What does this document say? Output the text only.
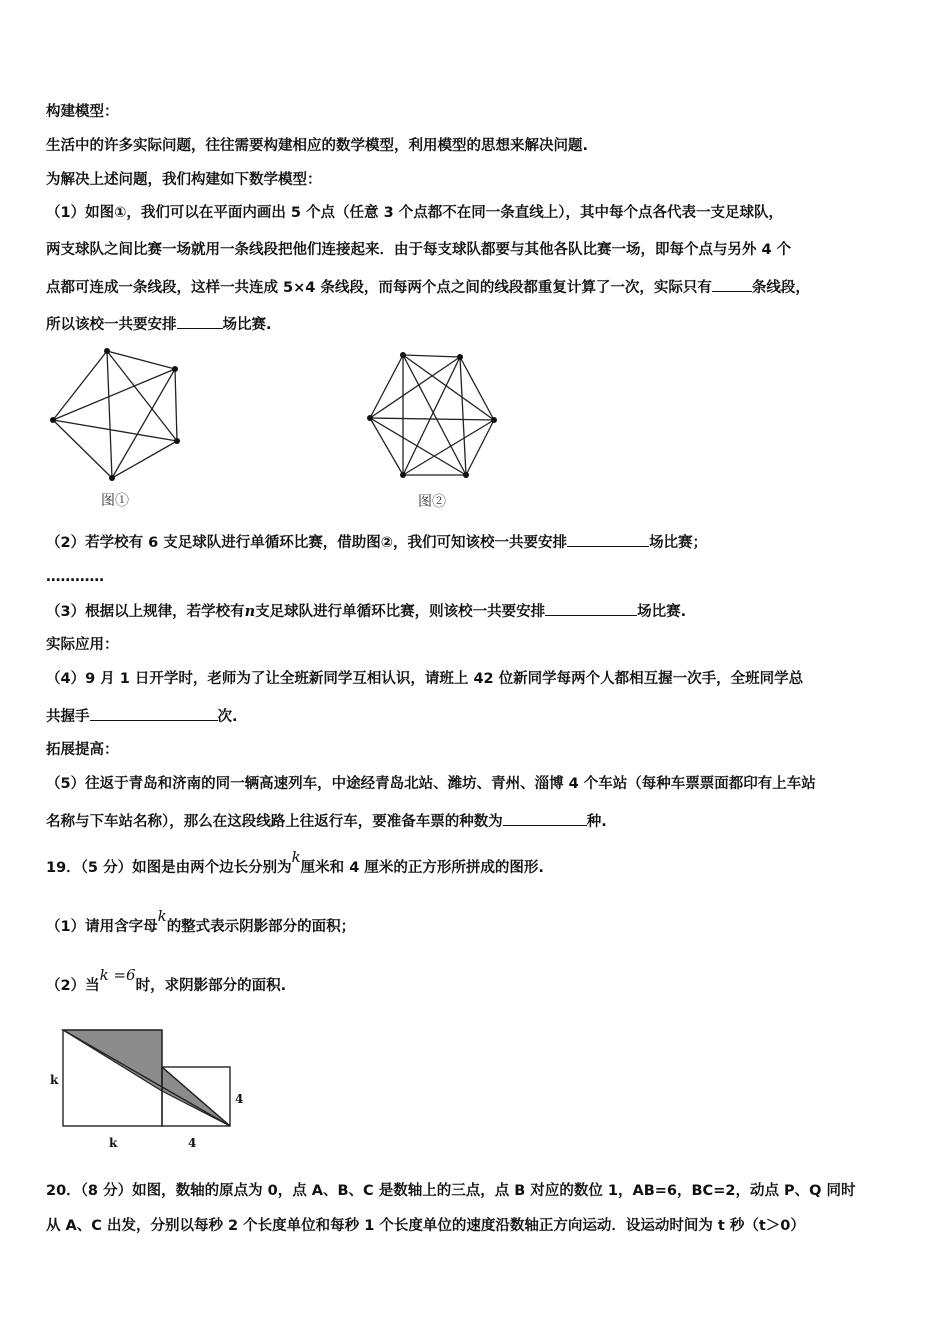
构建模型：
生活中的许多实际问题，往往需要构建相应的数学模型，利用模型的思想来解决问题.
为解决上述问题，我们构建如下数学模型：
（1）如图①，我们可以在平面内画出 5 个点（任意 3 个点都不在同一条直线上），其中每个点各代表一支足球队，
两支球队之间比赛一场就用一条线段把他们连接起来．由于每支球队都要与其他各队比赛一场，即每个点与另外 4 个
点都可连成一条线段，这样一共连成 5×4 条线段，而每两个点之间的线段都重复计算了一次，实际只有	条线段，
所以该校一共要安排	场比赛.
图①	图②
（2）若学校有 6 支足球队进行单循环比赛，借助图②，我们可知该校一共要安排	场比赛；
…………
（3）根据以上规律，若学校有n支足球队进行单循环比赛，则该校一共要安排	场比赛.
实际应用：
（4）9 月 1 日开学时，老师为了让全班新同学互相认识，请班上 42 位新同学每两个人都相互握一次手，全班同学总
共握手	次.
拓展提高：
（5）往返于青岛和济南的同一辆高速列车，中途经青岛北站、潍坊、青州、淄博 4 个车站（每种车票票面都印有上车站
名称与下车站名称），那么在这段线路上往返行车，要准备车票的种数为	种.
19．（5 分）如图是由两个边长分别为k厘米和 4 厘米的正方形所拼成的图形.
（1）请用含字母k的整式表示阴影部分的面积；
（2）当k =6时，求阴影部分的面积.
k
k	4
4
20．（8 分）如图，数轴的原点为 0，点 A、B、C 是数轴上的三点，点 B 对应的数位 1，AB=6，BC=2，动点 P、Q 同时
从 A、C 出发，分别以每秒 2 个长度单位和每秒 1 个长度单位的速度沿数轴正方向运动．设运动时间为 t 秒（t＞0）
